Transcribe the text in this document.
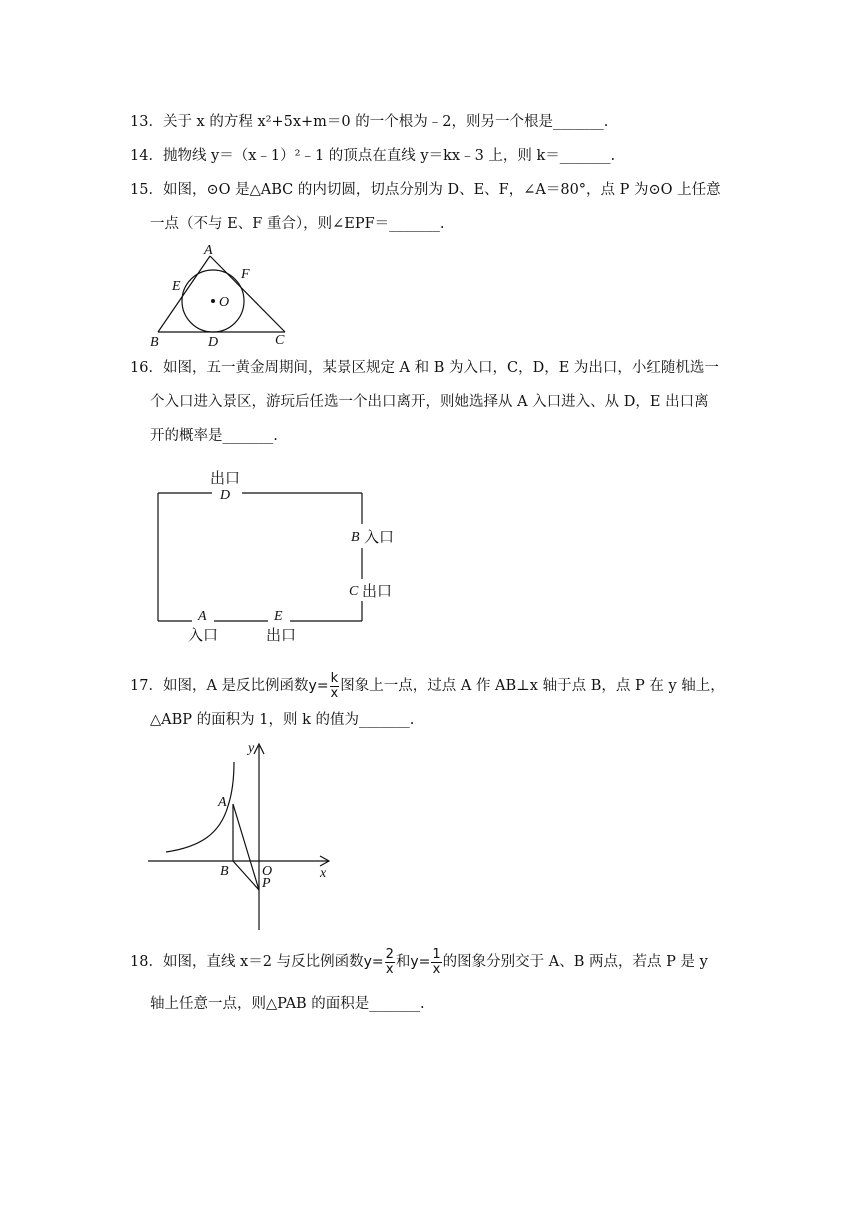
13．关于 x 的方程 x²+5x+m＝0 的一个根为﹣2，则另一个根是_______.
14．抛物线 y＝（x﹣1）²﹣1 的顶点在直线 y＝kx﹣3 上，则 k＝_______.
15．如图，⊙O 是△ABC 的内切圆，切点分别为 D、E、F，∠A＝80°，点 P 为⊙O 上任意
一点（不与 E、F 重合），则∠EPF＝_______.
A
E
F
O
B	D	C
16．如图，五一黄金周期间，某景区规定 A 和 B 为入口，C，D，E 为出口，小红随机选一
个入口进入景区，游玩后任选一个出口离开，则她选择从 A 入口进入、从 D，E 出口离
开的概率是_______.
出口
D
B 入口
C 出口
A
入口
E
出口
17．如图，A 是反比例函数$y= \frac{k}{x}$ 图象上一点，过点 A 作 AB⊥x 轴于点 B，点 P 在 y 轴上，
△ABP 的面积为 1，则 k 的值为_______.
y
x
A
B O
P
18．如图，直线 x＝2 与反比例函数$y= \frac{2}{x}$ 和$y= \frac{1}{x}$ 的图象分别交于 A、B 两点，若点 P 是 y
轴上任意一点，则△PAB 的面积是_______.
